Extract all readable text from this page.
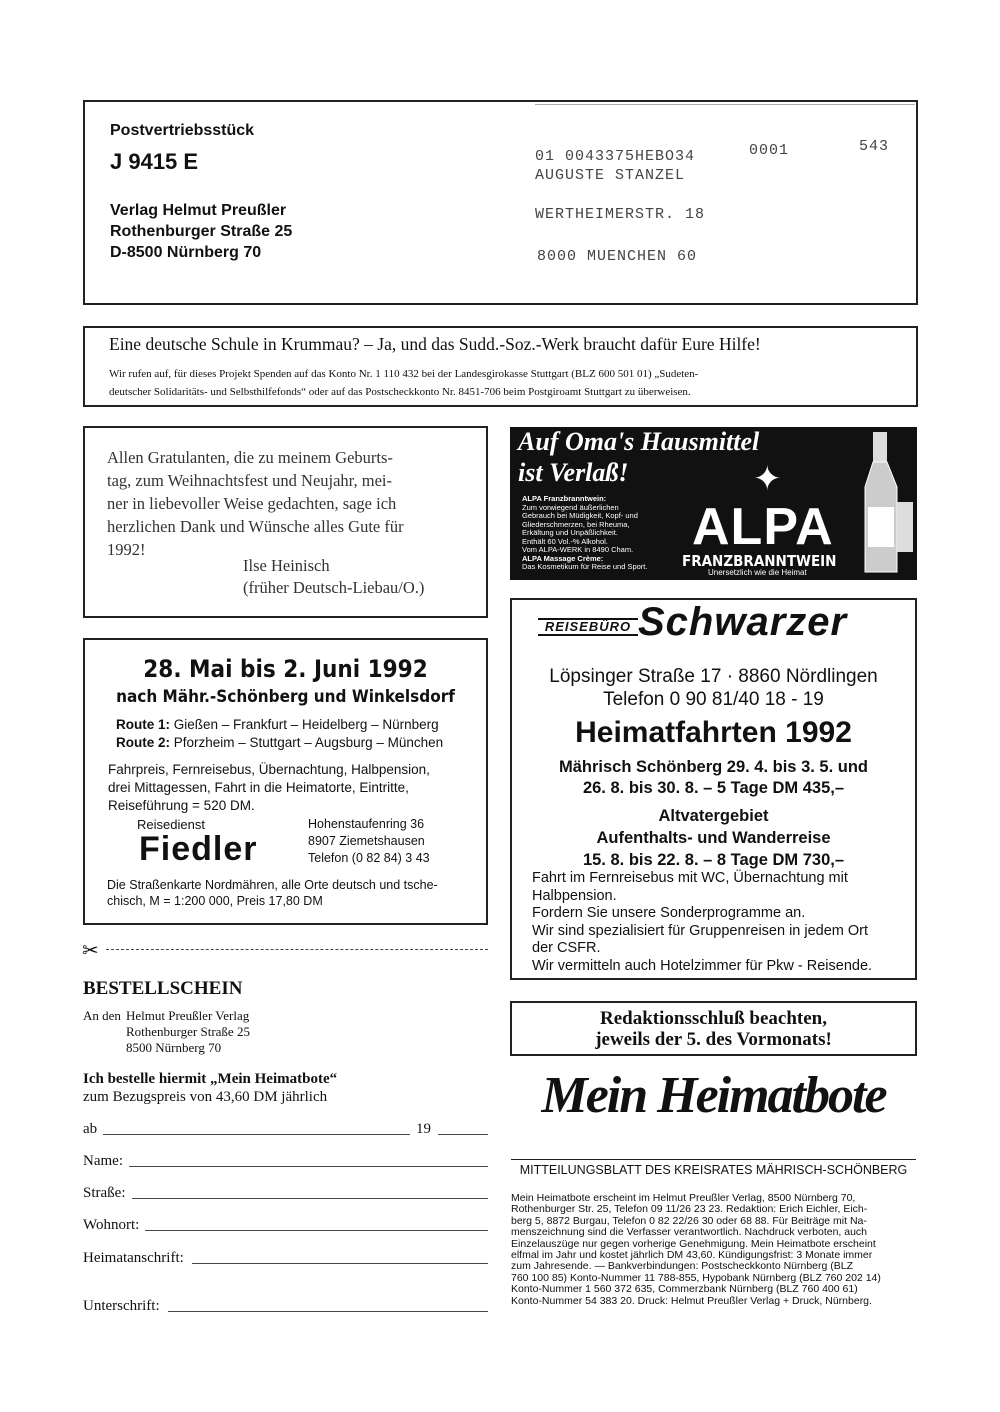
Postvertriebsstück
J 9415 E
Verlag Helmut Preußler
Rothenburger Straße 25
D-8500 Nürnberg 70
01 0043375HEBO34	0001	543
AUGUSTE STANZEL
WERTHEIMERSTR. 18
8000 MUENCHEN 60
Eine deutsche Schule in Krummau? – Ja, und das Sudd.-Soz.-Werk braucht dafür Eure Hilfe!
Wir rufen auf, für dieses Projekt Spenden auf das Konto Nr. 1 110 432 bei der Landesgirokasse Stuttgart (BLZ 600 501 01) „Sudeten-
deutscher Solidaritäts- und Selbsthilfefonds“ oder auf das Postscheckkonto Nr. 8451-706 beim Postgiroamt Stuttgart zu überweisen.
Allen Gratulanten, die zu meinem Geburts-
tag, zum Weihnachtsfest und Neujahr, mei-
ner in liebevoller Weise gedachten, sage ich
herzlichen Dank und Wünsche alles Gute für
1992!
Ilse Heinisch
(früher Deutsch-Liebau/O.)
Auf Oma's Hausmittel
ist Verlaß!	✦
ALPA Franzbranntwein:
Zum vorwiegend äußerlichen
Gebrauch bei Müdigkeit, Kopf- und
Gliederschmerzen, bei Rheuma,
Erkältung und Unpäßlichkeit.
Enthält 60 Vol.-% Alkohol.
Vom ALPA-WERK in 8490 Cham.
ALPA Massage Crème:
Das Kosmetikum für Reise und Sport.
ALPA
FRANZBRANNTWEIN
Unersetzlich wie die Heimat
28. Mai bis 2. Juni 1992
nach Mähr.-Schönberg und Winkelsdorf
Route 1: Gießen – Frankfurt – Heidelberg – Nürnberg
Route 2: Pforzheim – Stuttgart – Augsburg – München
Fahrpreis, Fernreisebus, Übernachtung, Halbpension,
drei Mittagessen, Fahrt in die Heimatorte, Eintritte,
Reiseführung = 520 DM.
Reisedienst
Fiedler
Hohenstaufenring 36
8907 Ziemetshausen
Telefon (0 82 84) 3 43
Die Straßenkarte Nordmähren, alle Orte deutsch und tsche-
chisch, M = 1:200 000, Preis 17,80 DM
REISEBÜRO Schwarzer
Löpsinger Straße 17 · 8860 Nördlingen
Telefon 0 90 81/40 18 - 19
Heimatfahrten 1992
Mährisch Schönberg 29. 4. bis 3. 5. und
26. 8. bis 30. 8. – 5 Tage DM 435,–
Altvatergebiet
Aufenthalts- und Wanderreise
15. 8. bis 22. 8. – 8 Tage DM 730,–
Fahrt im Fernreisebus mit WC, Übernachtung mit
Halbpension.
Fordern Sie unsere Sonderprogramme an.
Wir sind spezialisiert für Gruppenreisen in jedem Ort
der CSFR.
Wir vermitteln auch Hotelzimmer für Pkw - Reisende.
Redaktionsschluß beachten,
jeweils der 5. des Vormonats!
Mein Heimatbote
MITTEILUNGSBLATT DES KREISRATES MÄHRISCH-SCHÖNBERG
Mein Heimatbote erscheint im Helmut Preußler Verlag, 8500 Nürnberg 70,
Rothenburger Str. 25, Telefon 09 11/26 23 23. Redaktion: Erich Eichler, Eich-
berg 5, 8872 Burgau, Telefon 0 82 22/26 30 oder 68 88. Für Beiträge mit Na-
menszeichnung sind die Verfasser verantwortlich. Nachdruck verboten, auch
Einzelauszüge nur gegen vorherige Genehmigung. Mein Heimatbote erscheint
elfmal im Jahr und kostet jährlich DM 43,60. Kündigungsfrist: 3 Monate immer
zum Jahresende. — Bankverbindungen: Postscheckkonto Nürnberg (BLZ
760 100 85) Konto-Nummer 11 788-855, Hypobank Nürnberg (BLZ 760 202 14)
Konto-Nummer 1 560 372 635, Commerzbank Nürnberg (BLZ 760 400 61)
Konto-Nummer 54 383 20. Druck: Helmut Preußler Verlag + Druck, Nürnberg.
✂
BESTELLSCHEIN
An den Helmut Preußler Verlag
Rothenburger Straße 25
8500 Nürnberg 70
Ich bestelle hiermit „Mein Heimatbote“
zum Bezugspreis von 43,60 DM jährlich
ab	19
Name:
Straße:
Wohnort:
Heimatanschrift:
Unterschrift:
